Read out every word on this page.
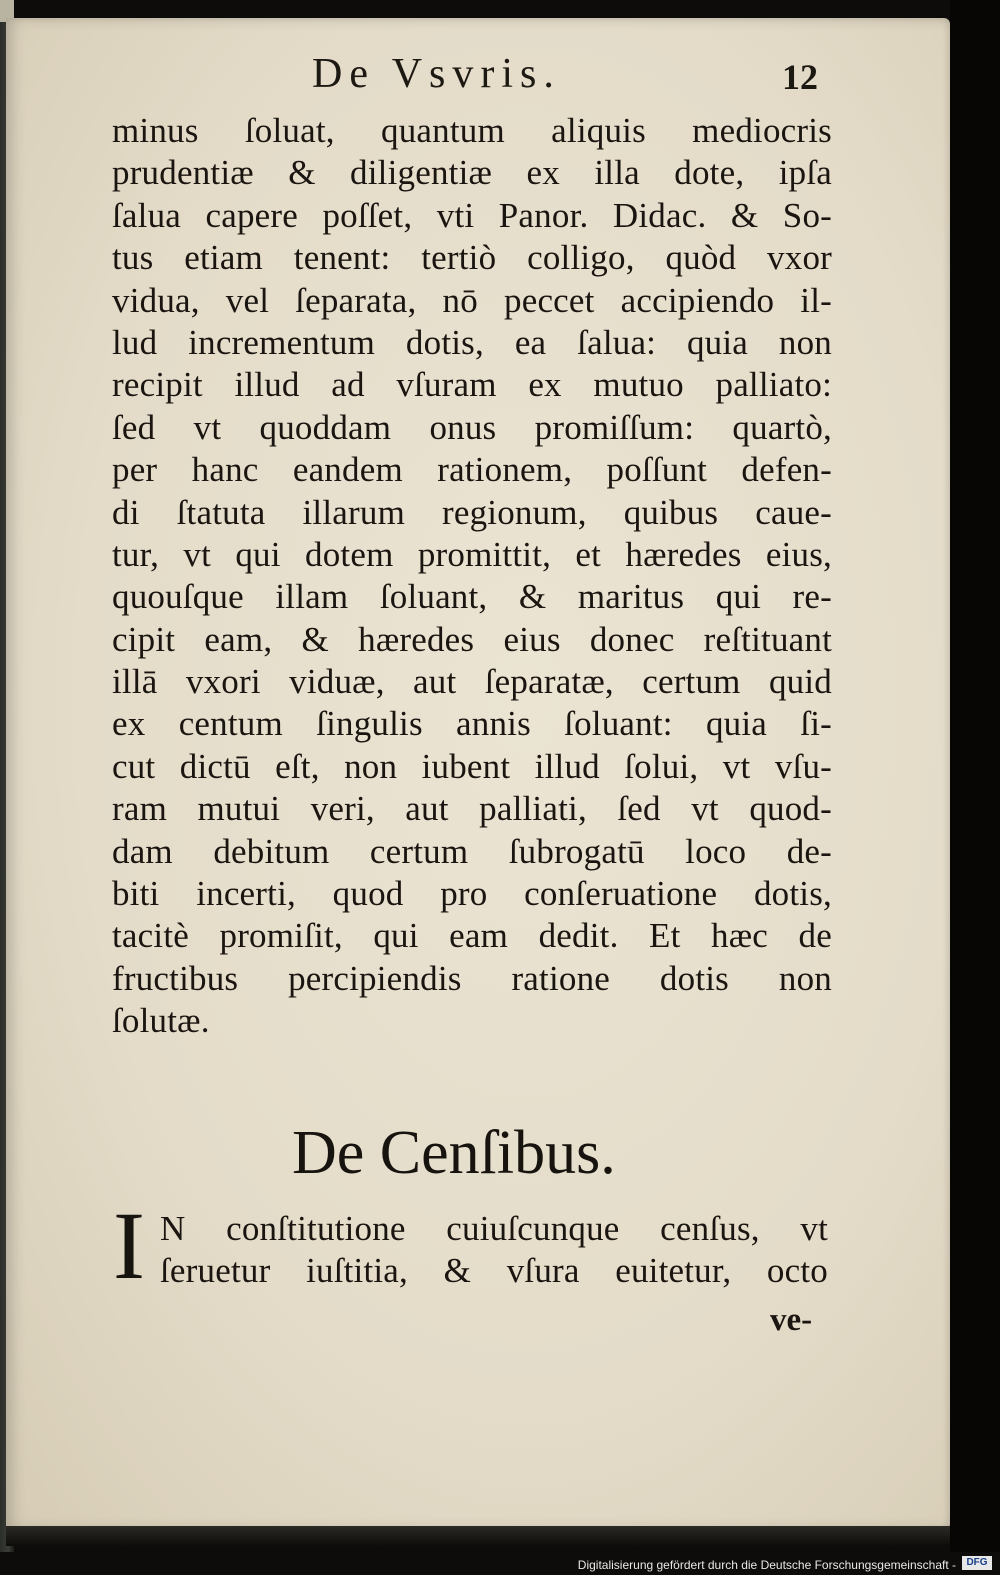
De Vsvris.	12
minus ſoluat, quantum aliquis mediocris
prudentiæ & diligentiæ ex illa dote, ipſa
ſalua capere poſſet, vti Panor. Didac. & So-
tus etiam tenent: tertiò colligo, quòd vxor
vidua, vel ſeparata, nō peccet accipiendo il-
lud incrementum dotis, ea ſalua: quia non
recipit illud ad vſuram ex mutuo palliato:
ſed vt quoddam onus promiſſum: quartò,
per hanc eandem rationem, poſſunt defen-
di ſtatuta illarum regionum, quibus caue-
tur, vt qui dotem promittit, et hæredes eius,
quouſque illam ſoluant, & maritus qui re-
cipit eam, & hæredes eius donec reſtituant
illā vxori viduæ, aut ſeparatæ, certum quid
ex centum ſingulis annis ſoluant: quia ſi-
cut dictū eſt, non iubent illud ſolui, vt vſu-
ram mutui veri, aut palliati, ſed vt quod-
dam debitum certum ſubrogatū loco de-
biti incerti, quod pro conſeruatione dotis,
tacitè promiſit, qui eam dedit. Et hæc de
fructibus percipiendis ratione dotis non
ſolutæ.
De Cenſibus.
I N conſtitutione cuiuſcunque cenſus, vt
ſeruetur iuſtitia, & vſura euitetur, octo
ve-
Digitalisierung gefördert durch die Deutsche Forschungsgemeinschaft -	DFG
